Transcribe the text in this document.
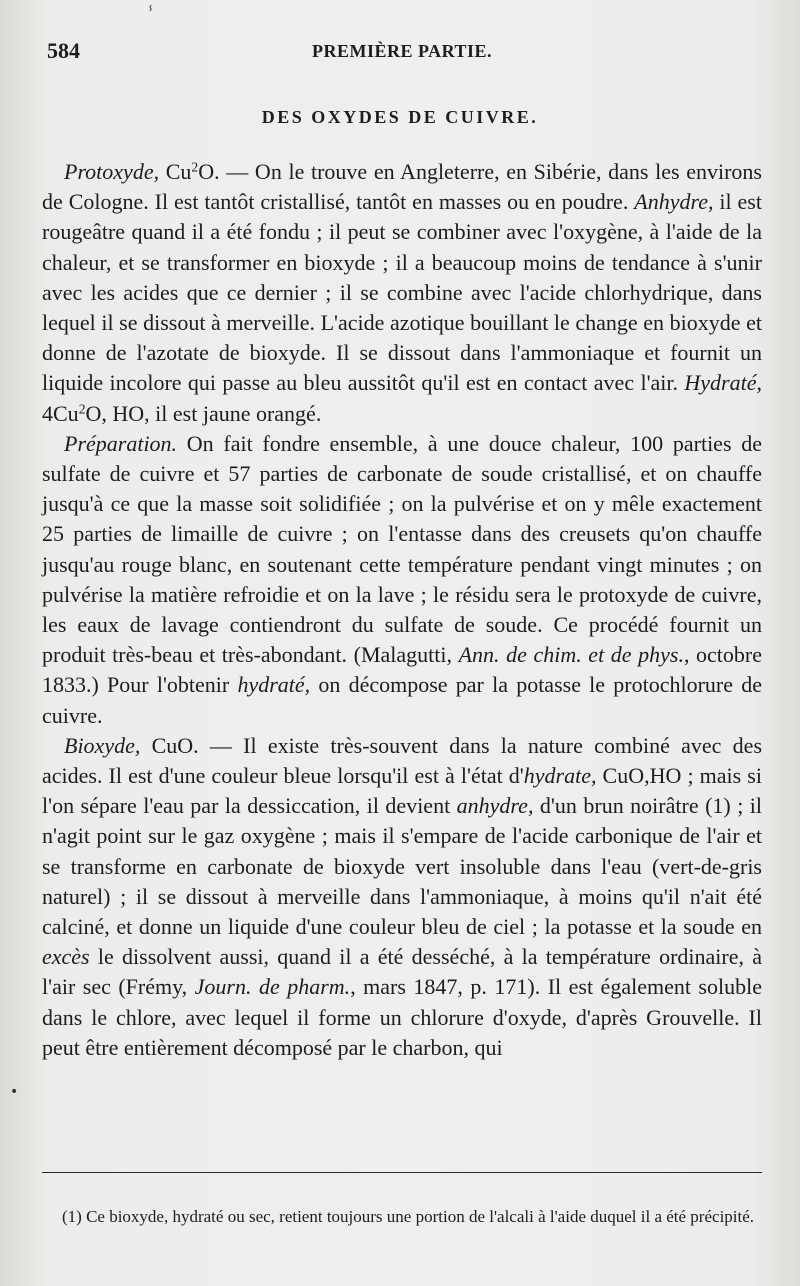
584	PREMIÈRE PARTIE.
ⸯ
DES OXYDES DE CUIVRE.

Protoxyde, Cu$^2$O. — On le trouve en Angleterre, en Sibérie, dans les environs de Cologne. Il est tantôt cristallisé, tantôt en masses ou en poudre. Anhydre, il est rougeâtre quand il a été fondu ; il peut se combiner avec l'oxygène, à l'aide de la chaleur, et se transformer en bioxyde ; il a beaucoup moins de tendance à s'unir avec les acides que ce dernier ; il se combine avec l'acide chlorhydrique, dans lequel il se dissout à merveille. L'acide azotique bouillant le change en bioxyde et donne de l'azotate de bioxyde. Il se dissout dans l'ammoniaque et fournit un liquide incolore qui passe au bleu aussitôt qu'il est en contact avec l'air. Hydraté, 4Cu$^2$O, HO, il est jaune orangé.

Préparation. On fait fondre ensemble, à une douce chaleur, 100 parties de sulfate de cuivre et 57 parties de carbonate de soude cristallisé, et on chauffe jusqu'à ce que la masse soit solidifiée ; on la pulvérise et on y mêle exactement 25 parties de limaille de cuivre ; on l'entasse dans des creusets qu'on chauffe jusqu'au rouge blanc, en soutenant cette température pendant vingt minutes ; on pulvérise la matière refroidie et on la lave ; le résidu sera le protoxyde de cuivre, les eaux de lavage contiendront du sulfate de soude. Ce procédé fournit un produit très-beau et très-abondant. (Malagutti, Ann. de chim. et de phys., octobre 1833.) Pour l'obtenir hydraté, on décompose par la potasse le protochlorure de cuivre.

Bioxyde, CuO. — Il existe très-souvent dans la nature combiné avec des acides. Il est d'une couleur bleue lorsqu'il est à l'état d'hydrate, CuO,HO ; mais si l'on sépare l'eau par la dessiccation, il devient anhydre, d'un brun noirâtre (1) ; il n'agit point sur le gaz oxygène ; mais il s'empare de l'acide carbonique de l'air et se transforme en carbonate de bioxyde vert insoluble dans l'eau (vert-de-gris naturel) ; il se dissout à merveille dans l'ammoniaque, à moins qu'il n'ait été calciné, et donne un liquide d'une couleur bleu de ciel ; la potasse et la soude en excès le dissolvent aussi, quand il a été desséché, à la température ordinaire, à l'air sec (Frémy, Journ. de pharm., mars 1847, p. 171). Il est également soluble dans le chlore, avec lequel il forme un chlorure d'oxyde, d'après Grouvelle. Il peut être entièrement décomposé par le charbon, qui

•

(1) Ce bioxyde, hydraté ou sec, retient toujours une portion de l'alcali à l'aide duquel il a été précipité.
